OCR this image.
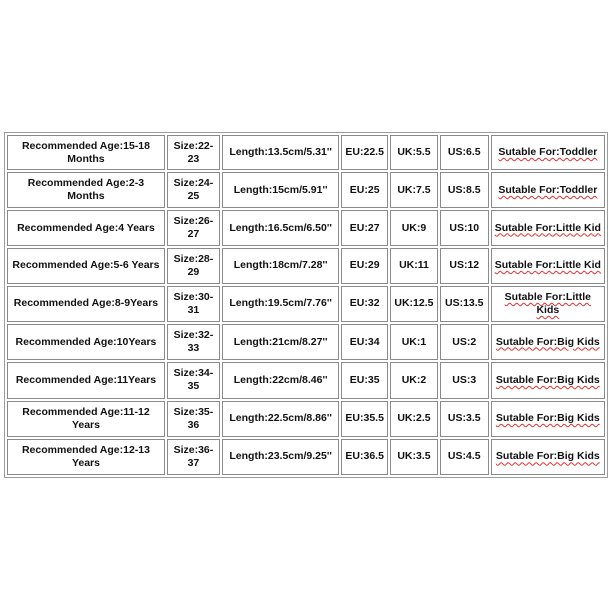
Recommended Age:15-18 Months	Size:22-23	Length:13.5cm/5.31''	EU:22.5	UK:5.5	US:6.5	Sutable For:Toddler
Recommended Age:2-3 Months	Size:24-25	Length:15cm/5.91''	EU:25	UK:7.5	US:8.5	Sutable For:Toddler
Recommended Age:4 Years	Size:26-27	Length:16.5cm/6.50''	EU:27	UK:9	US:10	Sutable For:Little Kid
Recommended Age:5-6 Years	Size:28-29	Length:18cm/7.28''	EU:29	UK:11	US:12	Sutable For:Little Kid
Recommended Age:8-9Years	Size:30-31	Length:19.5cm/7.76''	EU:32	UK:12.5	US:13.5	Sutable For:Little Kids
Recommended Age:10Years	Size:32-33	Length:21cm/8.27''	EU:34	UK:1	US:2	Sutable For:Big Kids
Recommended Age:11Years	Size:34-35	Length:22cm/8.46''	EU:35	UK:2	US:3	Sutable For:Big Kids
Recommended Age:11-12 Years	Size:35-36	Length:22.5cm/8.86''	EU:35.5	UK:2.5	US:3.5	Sutable For:Big Kids
Recommended Age:12-13 Years	Size:36-37	Length:23.5cm/9.25''	EU:36.5	UK:3.5	US:4.5	Sutable For:Big Kids
